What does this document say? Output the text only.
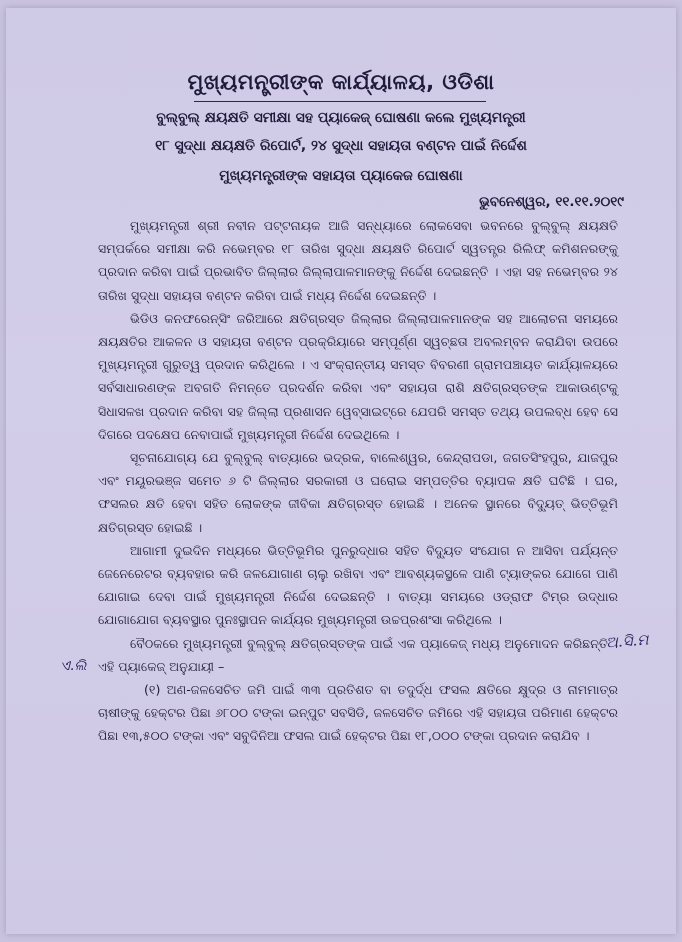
ମୁଖ୍ୟମନ୍ତ୍ରୀଙ୍କ କାର୍ଯ୍ୟାଳୟ, ଓଡିଶା
ବୁଲ୍‌ବୁଲ୍ କ୍ଷୟକ୍ଷତି ସମୀକ୍ଷା ସହ ପ୍ୟାକେଜ୍ ଘୋଷଣା କଲେ ମୁଖ୍ୟମନ୍ତ୍ରୀ
୧୮ ସୁଦ୍ଧା କ୍ଷୟକ୍ଷତି ରିପୋର୍ଟ, ୨୪ ସୁଦ୍ଧା ସହାୟତା ବଣ୍ଟନ ପାଇଁ ନିର୍ଦ୍ଦେଶ
ମୁଖ୍ୟମନ୍ତ୍ରୀଙ୍କ ସହାୟତା ପ୍ୟାକେଜ ଘୋଷଣା
ଭୁବନେଶ୍ୱର, ୧୧.୧୧.୨୦୧୯

ମୁଖ୍ୟମନ୍ତ୍ରୀ ଶ୍ରୀ ନବୀନ ପଟ୍ଟନାୟକ ଆଜି ସନ୍ଧ୍ୟାରେ ଲୋକସେବା ଭବନରେ ବୁଲ୍‌ବୁଲ୍ କ୍ଷୟକ୍ଷତି ସମ୍ପର୍କରେ ସମୀକ୍ଷା କରି ନଭେମ୍ବର ୧୮ ତାରିଖ ସୁଦ୍ଧା କ୍ଷୟକ୍ଷତି ରିପୋର୍ଟ ସ୍ୱତନ୍ତ୍ର ରିଲିଫ୍ କମିଶନରଙ୍କୁ ପ୍ରଦାନ କରିବା ପାଇଁ ପ୍ରଭାବିତ ଜିଲ୍ଲାର ଜିଲ୍ଲାପାଳମାନଙ୍କୁ ନିର୍ଦ୍ଦେଶ ଦେଇଛନ୍ତି । ଏହା ସହ ନଭେମ୍ବର ୨୪ ତାରିଖ ସୁଦ୍ଧା ସହାୟତା ବଣ୍ଟନ କରିବା ପାଇଁ ମଧ୍ୟ ନିର୍ଦ୍ଦେଶ ଦେଇଛନ୍ତି ।

ଭିଡିଓ କନଫରେନ୍ସିଂ ଜରିଆରେ କ୍ଷତିଗ୍ରସ୍ତ ଜିଲ୍ଲାର ଜିଲ୍ଲାପାଳମାନଙ୍କ ସହ ଆଲୋଚନା ସମୟରେ କ୍ଷୟକ୍ଷତିର ଆକଳନ ଓ ସହାୟତା ବଣ୍ଟନ ପ୍ରକ୍ରିୟାରେ ସମ୍ପୂର୍ଣ୍ଣ ସ୍ୱଚ୍ଛତା ଅବଲମ୍ବନ କରାଯିବା ଉପରେ ମୁଖ୍ୟମନ୍ତ୍ରୀ ଗୁରୁତ୍ୱ ପ୍ରଦାନ କରିଥିଲେ । ଏ ସଂକ୍ରାନ୍ତୀୟ ସମସ୍ତ ବିବରଣୀ ଗ୍ରାମପଞ୍ଚାୟତ କାର୍ଯ୍ୟାଳୟରେ ସର୍ବସାଧାରଣଙ୍କ ଅବଗତି ନିମନ୍ତେ ପ୍ରଦର୍ଶନ କରିବା ଏବଂ ସହାୟତା ରାଶି କ୍ଷତିଗ୍ରସ୍ତଙ୍କ ଆକାଉଣ୍ଟକୁ ସିଧାସଳଖ ପ୍ରଦାନ କରିବା ସହ ଜିଲ୍ଲା ପ୍ରଶାସନ ୱେବ୍‌ସାଇଟ୍‌ରେ ଯେପରି ସମସ୍ତ ତଥ୍ୟ ଉପଲବ୍ଧ ହେବ ସେ ଦିଗରେ ପଦକ୍ଷେପ ନେବାପାଇଁ ମୁଖ୍ୟମନ୍ତ୍ରୀ ନିର୍ଦ୍ଦେଶ ଦେଇଥିଲେ ।

ସୂଚନାଯୋଗ୍ୟ ଯେ ବୁଲ୍‌ବୁଲ୍ ବାତ୍ୟାରେ ଭଦ୍ରକ, ବାଲେଶ୍ୱର, କେନ୍ଦ୍ରାପଡା, ଜଗତସିଂହପୁର, ଯାଜପୁର ଏବଂ ମୟୂରଭଞ୍ଜ ସମେତ ୬ ଟି ଜିଲ୍ଲାର ସରକାରୀ ଓ ଘରୋଇ ସମ୍ପତ୍ତିର ବ୍ୟାପକ କ୍ଷତି ଘଟିଛି । ଘର, ଫସଲର କ୍ଷତି ହେବା ସହିତ ଲୋକଙ୍କ ଜୀବିକା କ୍ଷତିଗ୍ରସ୍ତ ହୋଇଛି । ଅନେକ ସ୍ଥାନରେ ବିଦ୍ୟୁତ୍ ଭିତ୍ତିଭୂମି କ୍ଷତିଗ୍ରସ୍ତ ହୋଇଛି ।

ଆଗାମୀ ଦୁଇଦିନ ମଧ୍ୟରେ ଭିତ୍ତିଭୂମିର ପୁନରୁଦ୍ଧାର ସହିତ ବିଦ୍ୟୁତ ସଂଯୋଗ ନ ଆସିବା ପର୍ଯ୍ୟନ୍ତ ଜେନେରେଟର ବ୍ୟବହାର କରି ଜଳଯୋଗାଣ ଚାଲୁ ରଖିବା ଏବଂ ଆବଶ୍ୟକସ୍ଥଳେ ପାଣି ଟ୍ୟାଙ୍କର ଯୋଗେ ପାଣି ଯୋଗାଇ ଦେବା ପାଇଁ ମୁଖ୍ୟମନ୍ତ୍ରୀ ନିର୍ଦ୍ଦେଶ ଦେଇଛନ୍ତି । ବାତ୍ୟା ସମୟରେ ଓଡ୍ରାଫ ଟିମ୍‌ର ଉଦ୍ଧାର ଯୋଗାଯୋଗ ବ୍ୟବସ୍ଥାର ପୁନଃସ୍ଥାପନ କାର୍ଯ୍ୟର ମୁଖ୍ୟମନ୍ତ୍ରୀ ଉଚ୍ଚପ୍ରଶଂସା କରିଥିଲେ ।

ବୈଠକରେ ମୁଖ୍ୟମନ୍ତ୍ରୀ ବୁଲ୍‌ବୁଲ୍ କ୍ଷତିଗ୍ରସ୍ତଙ୍କ ପାଇଁ ଏକ ପ୍ୟାକେଜ୍ ମଧ୍ୟ ଅନୁମୋଦନ କରିଛନ୍ତି । ଏହି ପ୍ୟାକେଜ୍ ଅନୁଯାୟୀ –

(୧) ଅଣ-ଜଳସେଚିତ ଜମି ପାଇଁ ୩୩ ପ୍ରତିଶତ ବା ତଦୁର୍ଦ୍ଧ ଫସଲ କ୍ଷତିରେ କ୍ଷୁଦ୍ର ଓ ନାମମାତ୍ର ଚାଷୀଙ୍କୁ ହେକ୍ଟର ପିଛା ୬୮୦୦ ଟଙ୍କା ଇନ୍‌ପୁଟ ସବସିଡି, ଜଳସେଚିତ ଜମିରେ ଏହି ସହାୟତା ପରିମାଣ ହେକ୍ଟର ପିଛା ୧୩,୫୦୦ ଟଙ୍କା ଏବଂ ସବୁଦିନିଆ ଫସଲ ପାଇଁ ହେକ୍ଟର ପିଛା ୧୮,୦୦୦ ଟଙ୍କା ପ୍ରଦାନ କରାଯିବ ।

ଅ.ସି.ମ
ଏ.ଲି
